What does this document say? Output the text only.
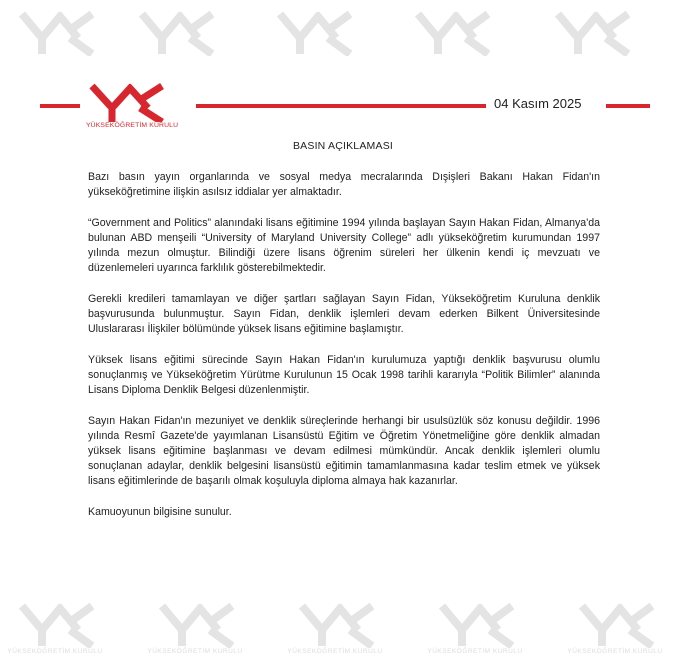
YÜKSEKÖĞRETİM KURULU
04 Kasım 2025
BASIN AÇIKLAMASI

Bazı basın yayın organlarında ve sosyal medya mecralarında Dışişleri Bakanı Hakan Fidan'ın yükseköğretimine ilişkin asılsız iddialar yer almaktadır.

“Government and Politics” alanındaki lisans eğitimine 1994 yılında başlayan Sayın Hakan Fidan, Almanya'da bulunan ABD menşeili “University of Maryland University College” adlı yükseköğretim kurumundan 1997 yılında mezun olmuştur. Bilindiği üzere lisans öğrenim süreleri her ülkenin kendi iç mevzuatı ve düzenlemeleri uyarınca farklılık gösterebilmektedir.

Gerekli kredileri tamamlayan ve diğer şartları sağlayan Sayın Fidan, Yükseköğretim Kuruluna denklik başvurusunda bulunmuştur. Sayın Fidan, denklik işlemleri devam ederken Bilkent Üniversitesinde Uluslararası İlişkiler bölümünde yüksek lisans eğitimine başlamıştır.

Yüksek lisans eğitimi sürecinde Sayın Hakan Fidan'ın kurulumuza yaptığı denklik başvurusu olumlu sonuçlanmış ve Yükseköğretim Yürütme Kurulunun 15 Ocak 1998 tarihli kararıyla “Politik Bilimler” alanında Lisans Diploma Denklik Belgesi düzenlenmiştir.

Sayın Hakan Fidan'ın mezuniyet ve denklik süreçlerinde herhangi bir usulsüzlük söz konusu değildir. 1996 yılında Resmî Gazete'de yayımlanan Lisansüstü Eğitim ve Öğretim Yönetmeliğine göre denklik almadan yüksek lisans eğitimine başlanması ve devam edilmesi mümkündür. Ancak denklik işlemleri olumlu sonuçlanan adaylar, denklik belgesini lisansüstü eğitimin tamamlanmasına kadar teslim etmek ve yüksek lisans eğitimlerinde de başarılı olmak koşuluyla diploma almaya hak kazanırlar.

Kamuoyunun bilgisine sunulur.

YÜKSEKÖĞRETİM KURULU	YÜKSEKÖĞRETİM KURULU	YÜKSEKÖĞRETİM KURULU	YÜKSEKÖĞRETİM KURULU	YÜKSEKÖĞRETİM KURULU
